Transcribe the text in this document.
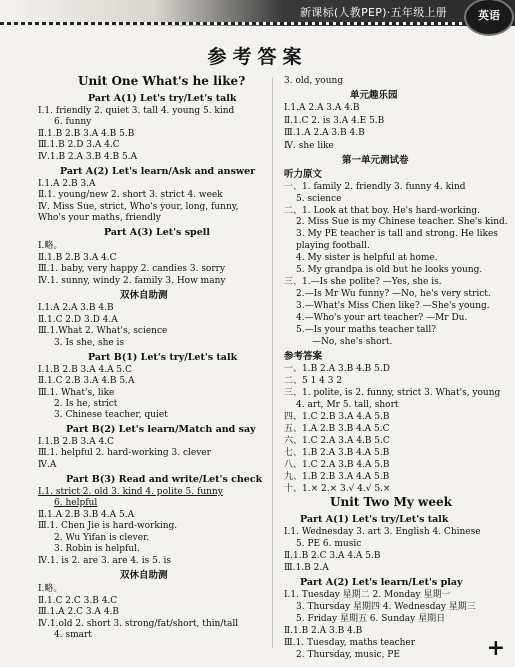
新课标(人教PEP)·五年级上册	英语
参考答案
Unit One What's he like?
Part A(1) Let's try/Let's talk
Ⅰ.1. friendly 2. quiet 3. tall 4. young 5. kind
6. funny
Ⅱ.1.B 2.B 3.A 4.B 5.B
Ⅲ.1.B 2.D 3.A 4.C
Ⅳ.1.B 2.A 3.B 4.B 5.A
Part A(2) Let's learn/Ask and answer
Ⅰ.1.A 2.B 3.A
Ⅱ.1. young/new 2. short 3. strict 4. week
Ⅳ. Miss Sue, strict, Who's your, long, funny,
Who's your maths, friendly
Part A(3) Let's spell
Ⅰ.略。
Ⅱ.1.B 2.B 3.A 4.C
Ⅲ.1. baby, very happy 2. candies 3. sorry
Ⅳ.1. sunny, windy 2. family 3. How many
双休自助测
Ⅰ.1.A 2.A 3.B 4.B
Ⅱ.1.C 2.D 3.D 4.A
Ⅲ.1.What 2. What's, science
3. Is she, she is
Part B(1) Let's try/Let's talk
Ⅰ.1.B 2.B 3.A 4.A 5.C
Ⅱ.1.C 2.B 3.A 4.B 5.A
Ⅲ.1. What's, like
2. Is he, strict
3. Chinese teacher, quiet
Part B(2) Let's learn/Match and say
Ⅰ.1.B 2.B 3.A 4.C
Ⅲ.1. helpful 2. hard-working 3. clever
Ⅳ.A
Part B(3) Read and write/Let's check
Ⅰ.1. strict 2. old 3. kind 4. polite 5. funny
6. helpful
Ⅱ.1.A 2.B 3.B 4.A 5.A
Ⅲ.1. Chen Jie is hard-working.
2. Wu Yifan is clever.
3. Robin is helpful.
Ⅳ.1. is 2. are 3. are 4. is 5. is
双休自助测
Ⅰ.略。
Ⅱ.1.C 2.C 3.B 4.C
Ⅲ.1.A 2.C 3.A 4.B
Ⅳ.1.old 2. short 3. strong/fat/short, thin/tall
4. smart
3. old, young
单元趣乐园
Ⅰ.1.A 2.A 3.A 4.B
Ⅱ.1.C 2. is 3.A 4.E 5.B
Ⅲ.1.A 2.A 3.B 4.B
Ⅳ. she like
第一单元测试卷
听力原文
一、1. family 2. friendly 3. funny 4. kind
5. science
二、1. Look at that boy. He's hard-working.
2. Miss Sue is my Chinese teacher. She's kind.
3. My PE teacher is tall and strong. He likes
playing football.
4. My sister is helpful at home.
5. My grandpa is old but he looks young.
三、1.—Is she polite? —Yes, she is.
2.—Is Mr Wu funny? —No, he's very strict.
3.—What's Miss Chen like? —She's young.
4.—Who's your art teacher? —Mr Du.
5.—Is your maths teacher tall?
—No, she's short.
参考答案
一、1.B 2.A 3.B 4.B 5.D
二、5 1 4 3 2
三、1. polite, is 2. funny, strict 3. What's, young
4. art, Mr 5. tall, short
四、1.C 2.B 3.A 4.A 5.B
五、1.A 2.B 3.B 4.A 5.C
六、1.C 2.A 3.A 4.B 5.C
七、1.B 2.A 3.B 4.A 5.B
八、1.C 2.A 3.B 4.A 5.B
九、1.B 2.B 3.A 4.A 5.B
十、1.× 2.× 3.√ 4.√ 5.×
Unit Two My week
Part A(1) Let's try/Let's talk
Ⅰ.1. Wednesday 3. art 3. English 4. Chinese
5. PE 6. music
Ⅱ.1.B 2.C 3.A 4.A 5.B
Ⅲ.1.B 2.A
Part A(2) Let's learn/Let's play
Ⅰ.1. Tuesday 星期二 2. Monday 星期一
3. Thursday 星期四 4. Wednesday 星期三
5. Friday 星期五 6. Sunday 星期日
Ⅱ.1.B 2.A 3.B 4.B
Ⅲ.1. Tuesday, maths teacher
2. Thursday, music, PE	+
